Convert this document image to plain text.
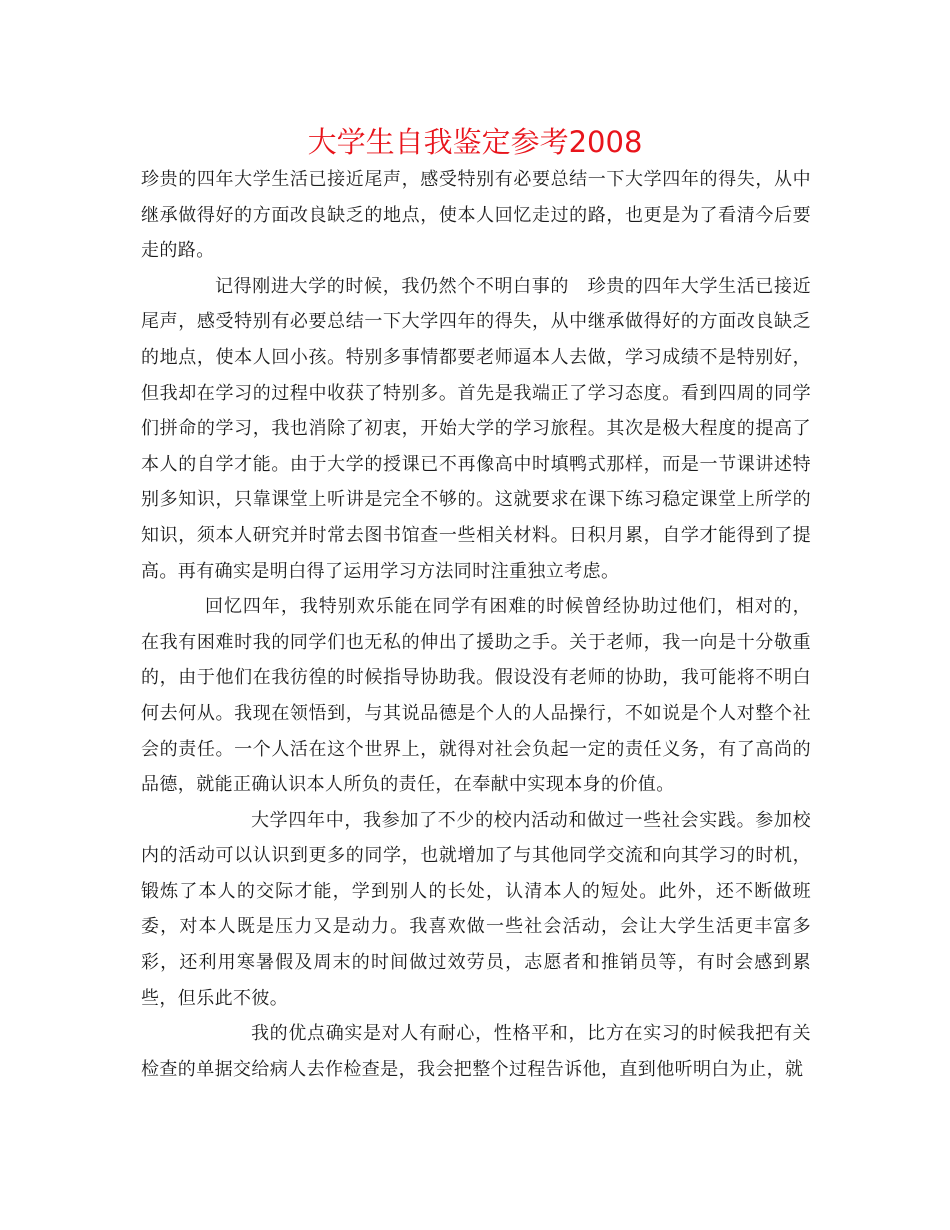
大学生自我鉴定参考2008

珍贵的四年大学生活已接近尾声，感受特别有必要总结一下大学四年的得失，从中继承做得好的方面改良缺乏的地点，使本人回忆走过的路，也更是为了看清今后要走的路。

记得刚进大学的时候，我仍然个不明白事的　珍贵的四年大学生活已接近尾声，感受特别有必要总结一下大学四年的得失，从中继承做得好的方面改良缺乏的地点，使本人回小孩。特别多事情都要老师逼本人去做，学习成绩不是特别好，但我却在学习的过程中收获了特别多。首先是我端正了学习态度。看到四周的同学们拼命的学习，我也消除了初衷，开始大学的学习旅程。其次是极大程度的提高了本人的自学才能。由于大学的授课已不再像高中时填鸭式那样，而是一节课讲述特别多知识，只靠课堂上听讲是完全不够的。这就要求在课下练习稳定课堂上所学的知识，须本人研究并时常去图书馆查一些相关材料。日积月累，自学才能得到了提高。再有确实是明白得了运用学习方法同时注重独立考虑。

回忆四年，我特别欢乐能在同学有困难的时候曾经协助过他们，相对的，在我有困难时我的同学们也无私的伸出了援助之手。关于老师，我一向是十分敬重的，由于他们在我彷徨的时候指导协助我。假设没有老师的协助，我可能将不明白何去何从。我现在领悟到，与其说品德是个人的人品操行，不如说是个人对整个社会的责任。一个人活在这个世界上，就得对社会负起一定的责任义务，有了高尚的品德，就能正确认识本人所负的责任，在奉献中实现本身的价值。

大学四年中，我参加了不少的校内活动和做过一些社会实践。参加校内的活动可以认识到更多的同学，也就增加了与其他同学交流和向其学习的时机，锻炼了本人的交际才能，学到别人的长处，认清本人的短处。此外，还不断做班委，对本人既是压力又是动力。我喜欢做一些社会活动，会让大学生活更丰富多彩，还利用寒暑假及周末的时间做过效劳员，志愿者和推销员等，有时会感到累些，但乐此不彼。

我的优点确实是对人有耐心，性格平和，比方在实习的时候我把有关检查的单据交给病人去作检查是，我会把整个过程告诉他，直到他听明白为止，就
